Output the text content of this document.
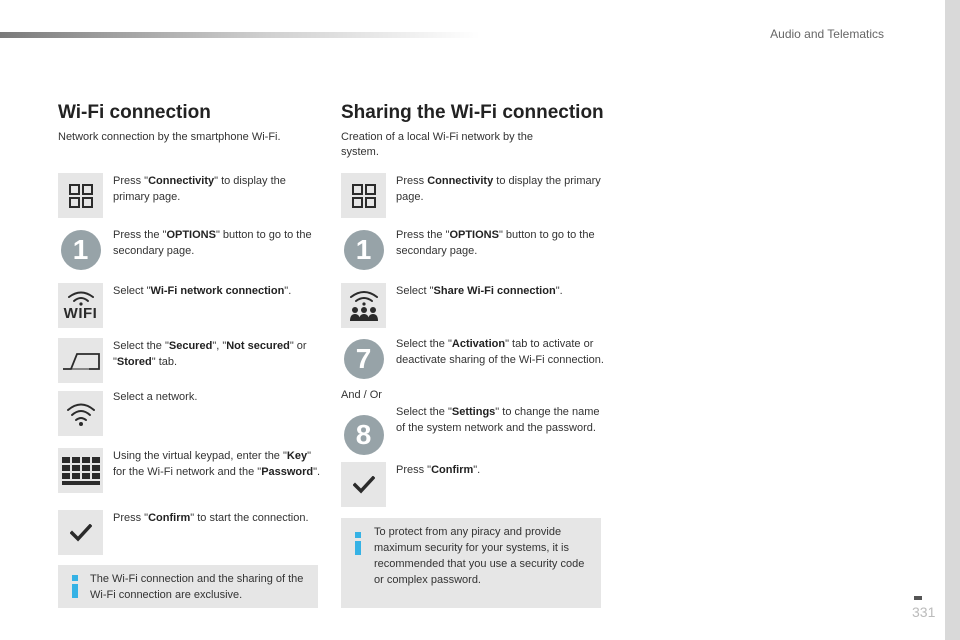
Audio and Telematics
Wi-Fi connection
Network connection by the smartphone Wi-Fi.
Press "Connectivity" to display the primary page.
1	Press the "OPTIONS" button to go to the secondary page.
WIFI
Select "Wi-Fi network connection".
Select the "Secured", "Not secured" or "Stored" tab.
Select a network.
Using the virtual keypad, enter the "Key" for the Wi-Fi network and the "Password".
Press "Confirm" to start the connection.
The Wi-Fi connection and the sharing of the Wi-Fi connection are exclusive.
Sharing the Wi-Fi connection
Creation of a local Wi-Fi network by the system.
Press Connectivity to display the primary page.
1	Press the "OPTIONS" button to go to the secondary page.
Select "Share Wi-Fi connection".
7	Select the "Activation" tab to activate or deactivate sharing of the Wi-Fi connection.
And / Or
8
Select the "Settings" to change the name of the system network and the password.
Press "Confirm".
To protect from any piracy and provide maximum security for your systems, it is recommended that you use a security code or complex password.
331
